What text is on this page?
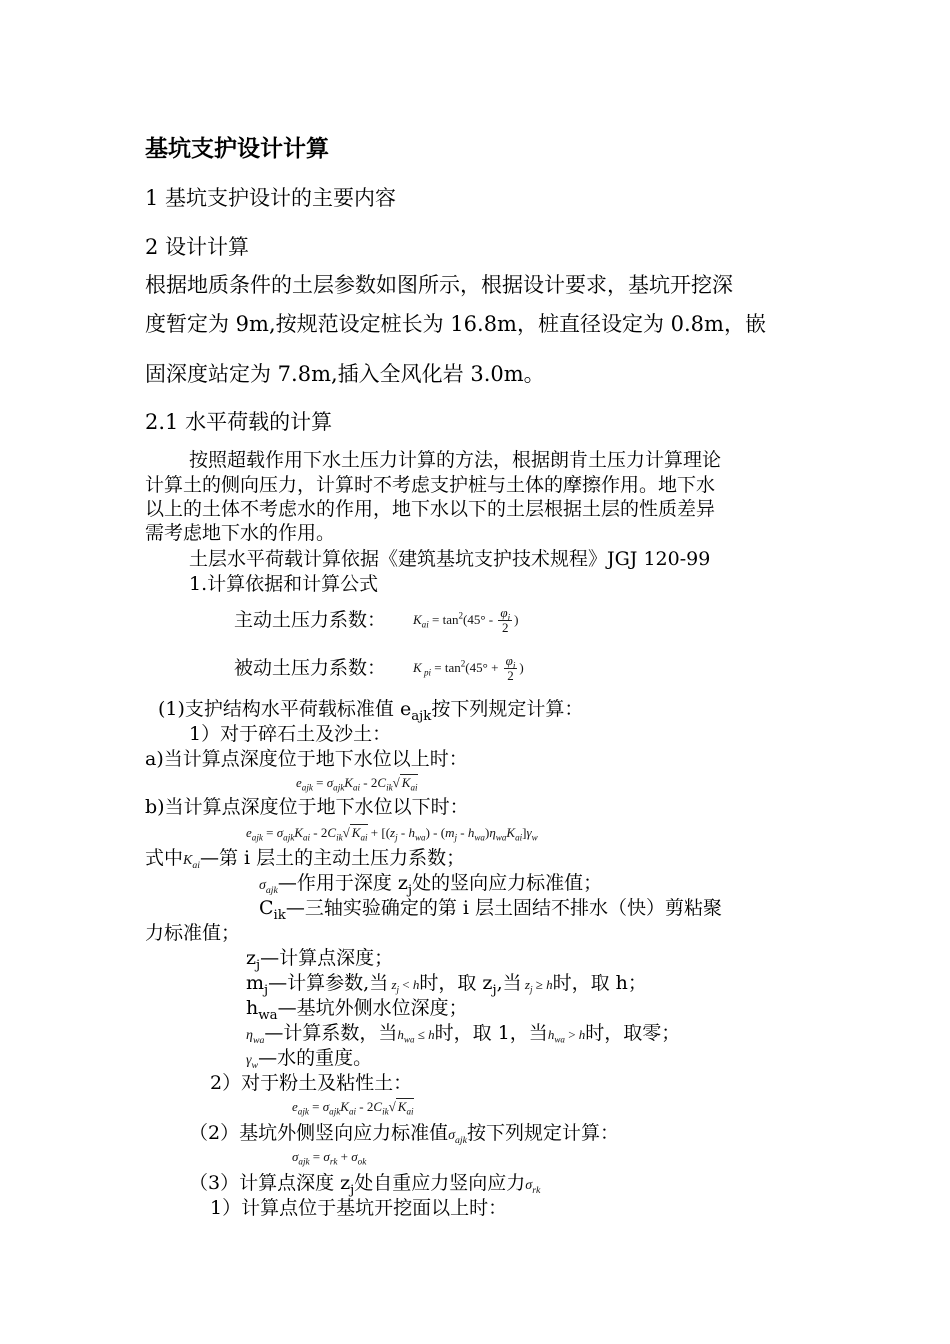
基坑支护设计计算
1 基坑支护设计的主要内容
2 设计计算
根据地质条件的土层参数如图所示，根据设计要求，基坑开挖深
度暂定为 9m,按规范设定桩长为 16.8m，桩直径设定为 0.8m，嵌
固深度站定为 7.8m,插入全风化岩 3.0m。
2.1 水平荷载的计算
按照超载作用下水土压力计算的方法，根据朗肯土压力计算理论
计算土的侧向压力，计算时不考虑支护桩与土体的摩擦作用。地下水
以上的土体不考虑水的作用，地下水以下的土层根据土层的性质差异
需考虑地下水的作用。
土层水平荷载计算依据《建筑基坑支护技术规程》JGJ 120-99
1.计算依据和计算公式
主动土压力系数： $K_{ai} = \tan^2(45^\circ - \frac{\varphi_i}{2}$ )
被动土压力系数： K $_{pi} = \tan^2(45^\circ + \frac{\varphi_i}{2}$ )
(1)支护结构水平荷载标准值 $e_{ajk}$按下列规定计算：
1）对于碎石土及沙土：
a)当计算点深度位于地下水位以上时：
$e_{ajk} = \sigma_{ajk}K_{ai} - 2C_{ik}√$ $K_{ai}$
b)当计算点深度位于地下水位以下时：
$e_{ajk} = \sigma_{ajk}K_{ai} - 2C_{ik}√$ $K_{ai} + [(z_j - h_{wa}) - (m_j - h_{wa})\eta_{wa}K_{ai}]\gamma_w$
式中$K_{ai}—$第 i 层土的主动土压力系数；
$\sigma_{ajk}—$作用于深度 $z_j$处的竖向应力标准值；
$C_{ik}—$三轴实验确定的第 i 层土固结不排水（快）剪粘聚
力标准值；
$z_j—$计算点深度；
$m_j—$计算参数,当 $z_j < h$时，取 $z_j$,当 $z_j \ge h$时，取 h；
$h_{wa}—$基坑外侧水位深度；
$\eta_{wa}—$计算系数，当$h_{wa} \le h$时，取 1，当$h_{wa} > h$时，取零；
$\gamma_w—$水的重度。
2）对于粉土及粘性土：
$e_{ajk} = \sigma_{ajk}K_{ai} - 2C_{ik}√$ $K_{ai}$
（2）基坑外侧竖向应力标准值$\sigma_{ajk}$按下列规定计算：
$\sigma_{ajk} = \sigma_{rk} + \sigma_{ok}$
（3）计算点深度 $z_j$处自重应力竖向应力$\sigma_{rk}$
1）计算点位于基坑开挖面以上时：
